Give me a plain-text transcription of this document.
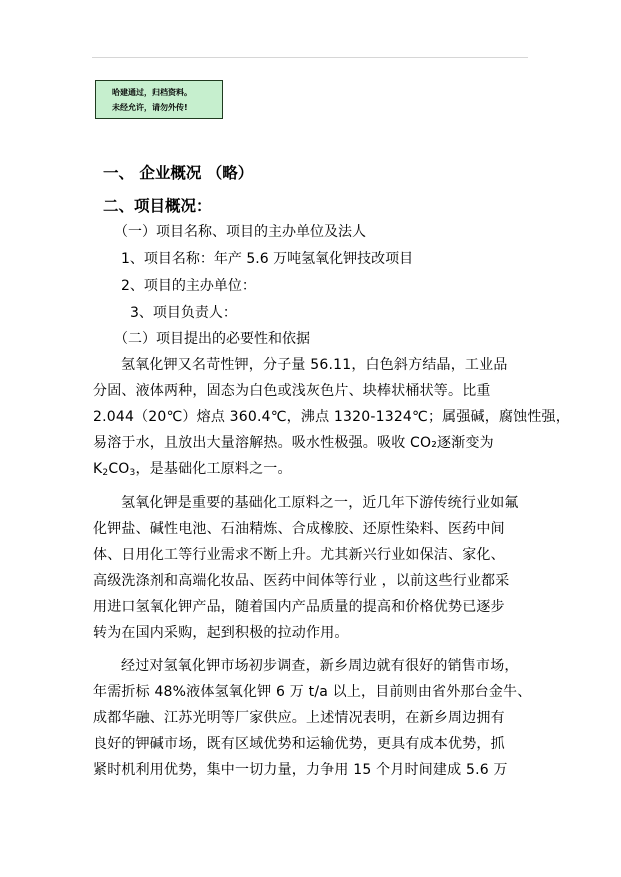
哈建通过，归档资料。
未经允许，请勿外传!
一、 企业概况 （略）
二、项目概况：
（一）项目名称、项目的主办单位及法人
1、项目名称：年产 5.6 万吨氢氧化钾技改项目
2、项目的主办单位：
3、项目负责人：
（二）项目提出的必要性和依据
氢氧化钾又名苛性钾，分子量 56.11，白色斜方结晶，工业品
分固、液体两种，固态为白色或浅灰色片、块棒状桶状等。比重
2.044（20℃）熔点 360.4℃，沸点 1320-1324℃；属强碱，腐蚀性强，
易溶于水，且放出大量溶解热。吸水性极强。吸收 CO₂逐渐变为
$K_2CO_3$，是基础化工原料之一。
氢氧化钾是重要的基础化工原料之一，近几年下游传统行业如氟
化钾盐、碱性电池、石油精炼、合成橡胶、还原性染料、医药中间
体、日用化工等行业需求不断上升。尤其新兴行业如保洁、家化、
高级洗涤剂和高端化妆品、医药中间体等行业 ，以前这些行业都采
用进口氢氧化钾产品，随着国内产品质量的提高和价格优势已逐步
转为在国内采购，起到积极的拉动作用。
经过对氢氧化钾市场初步调查，新乡周边就有很好的销售市场，
年需折标 48%液体氢氧化钾 6 万 t/a 以上，目前则由省外那台金牛、
成都华融、江苏光明等厂家供应。上述情况表明，在新乡周边拥有
良好的钾碱市场，既有区域优势和运输优势，更具有成本优势，抓
紧时机利用优势，集中一切力量，力争用 15 个月时间建成 5.6 万
